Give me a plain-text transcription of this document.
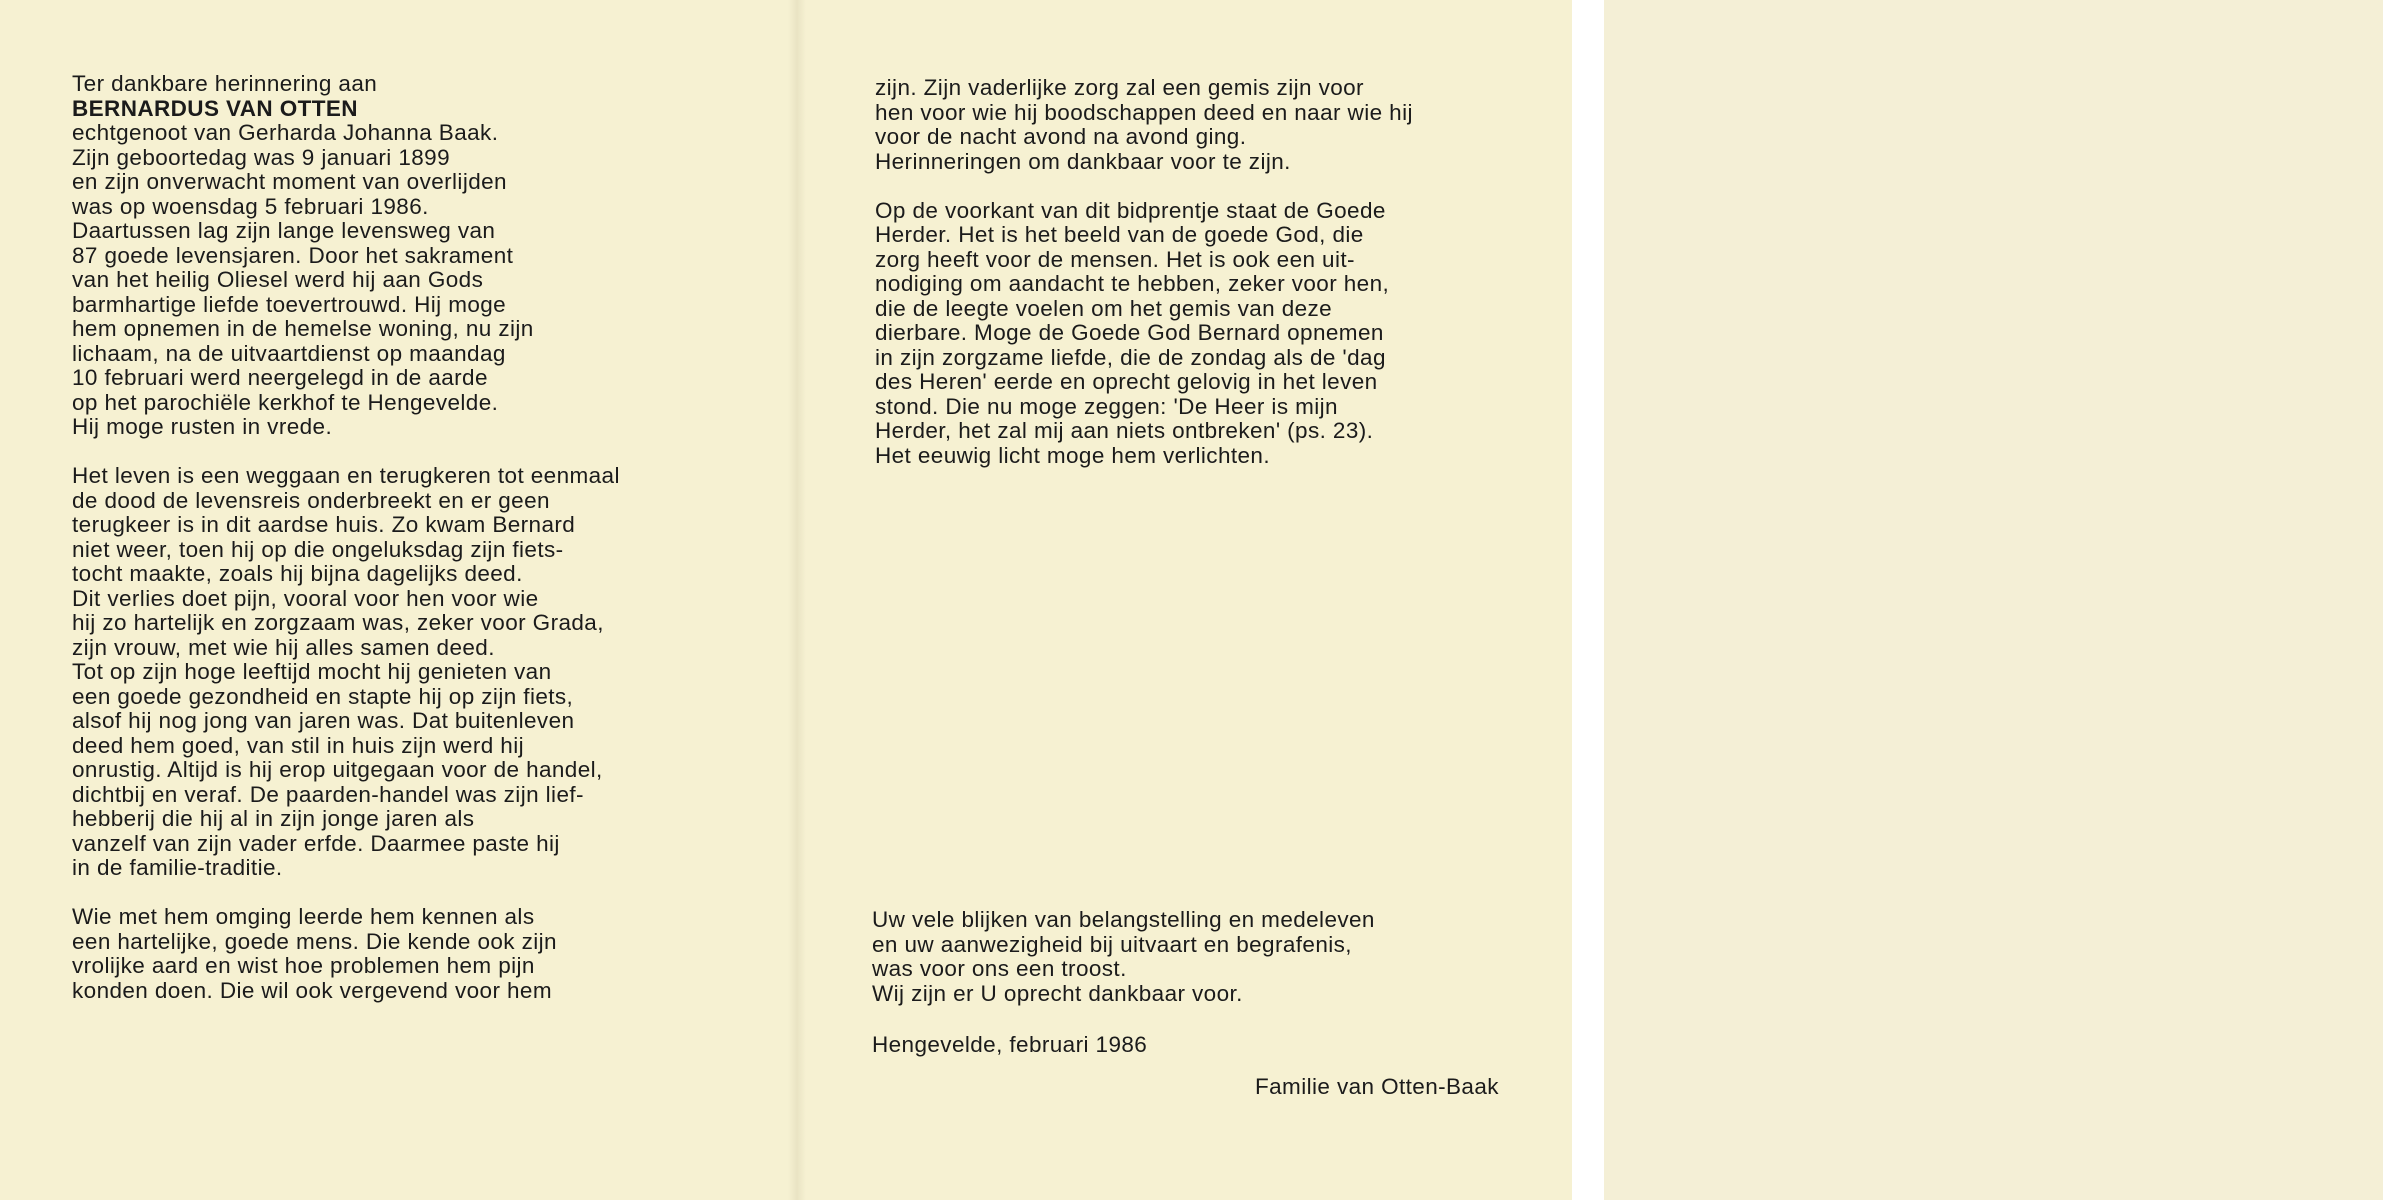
Ter dankbare herinnering aan

BERNARDUS VAN OTTEN

echtgenoot van Gerharda Johanna Baak.

Zijn geboortedag was 9 januari 1899

en zijn onverwacht moment van overlijden

was op woensdag 5 februari 1986.

Daartussen lag zijn lange levensweg van

87 goede levensjaren. Door het sakrament

van het heilig Oliesel werd hij aan Gods

barmhartige liefde toevertrouwd. Hij moge

hem opnemen in de hemelse woning, nu zijn

lichaam, na de uitvaartdienst op maandag

10 februari werd neergelegd in de aarde

op het parochiële kerkhof te Hengevelde.

Hij moge rusten in vrede.

Het leven is een weggaan en terugkeren tot eenmaal

de dood de levensreis onderbreekt en er geen

terugkeer is in dit aardse huis. Zo kwam Bernard

niet weer, toen hij op die ongeluksdag zijn fiets-

tocht maakte, zoals hij bijna dagelijks deed.

Dit verlies doet pijn, vooral voor hen voor wie

hij zo hartelijk en zorgzaam was, zeker voor Grada,

zijn vrouw, met wie hij alles samen deed.

Tot op zijn hoge leeftijd mocht hij genieten van

een goede gezondheid en stapte hij op zijn fiets,

alsof hij nog jong van jaren was. Dat buitenleven

deed hem goed, van stil in huis zijn werd hij

onrustig. Altijd is hij erop uitgegaan voor de handel,

dichtbij en veraf. De paarden-handel was zijn lief-

hebberij die hij al in zijn jonge jaren als

vanzelf van zijn vader erfde. Daarmee paste hij

in de familie-traditie.

Wie met hem omging leerde hem kennen als

een hartelijke, goede mens. Die kende ook zijn

vrolijke aard en wist hoe problemen hem pijn

konden doen. Die wil ook vergevend voor hem

zijn. Zijn vaderlijke zorg zal een gemis zijn voor

hen voor wie hij boodschappen deed en naar wie hij

voor de nacht avond na avond ging.

Herinneringen om dankbaar voor te zijn.

Op de voorkant van dit bidprentje staat de Goede

Herder. Het is het beeld van de goede God, die

zorg heeft voor de mensen. Het is ook een uit-

nodiging om aandacht te hebben, zeker voor hen,

die de leegte voelen om het gemis van deze

dierbare. Moge de Goede God Bernard opnemen

in zijn zorgzame liefde, die de zondag als de 'dag

des Heren' eerde en oprecht gelovig in het leven

stond. Die nu moge zeggen: 'De Heer is mijn

Herder, het zal mij aan niets ontbreken' (ps. 23).

Het eeuwig licht moge hem verlichten.

Uw vele blijken van belangstelling en medeleven

en uw aanwezigheid bij uitvaart en begrafenis,

was voor ons een troost.

Wij zijn er U oprecht dankbaar voor.

Hengevelde, februari 1986
Familie van Otten-Baak
